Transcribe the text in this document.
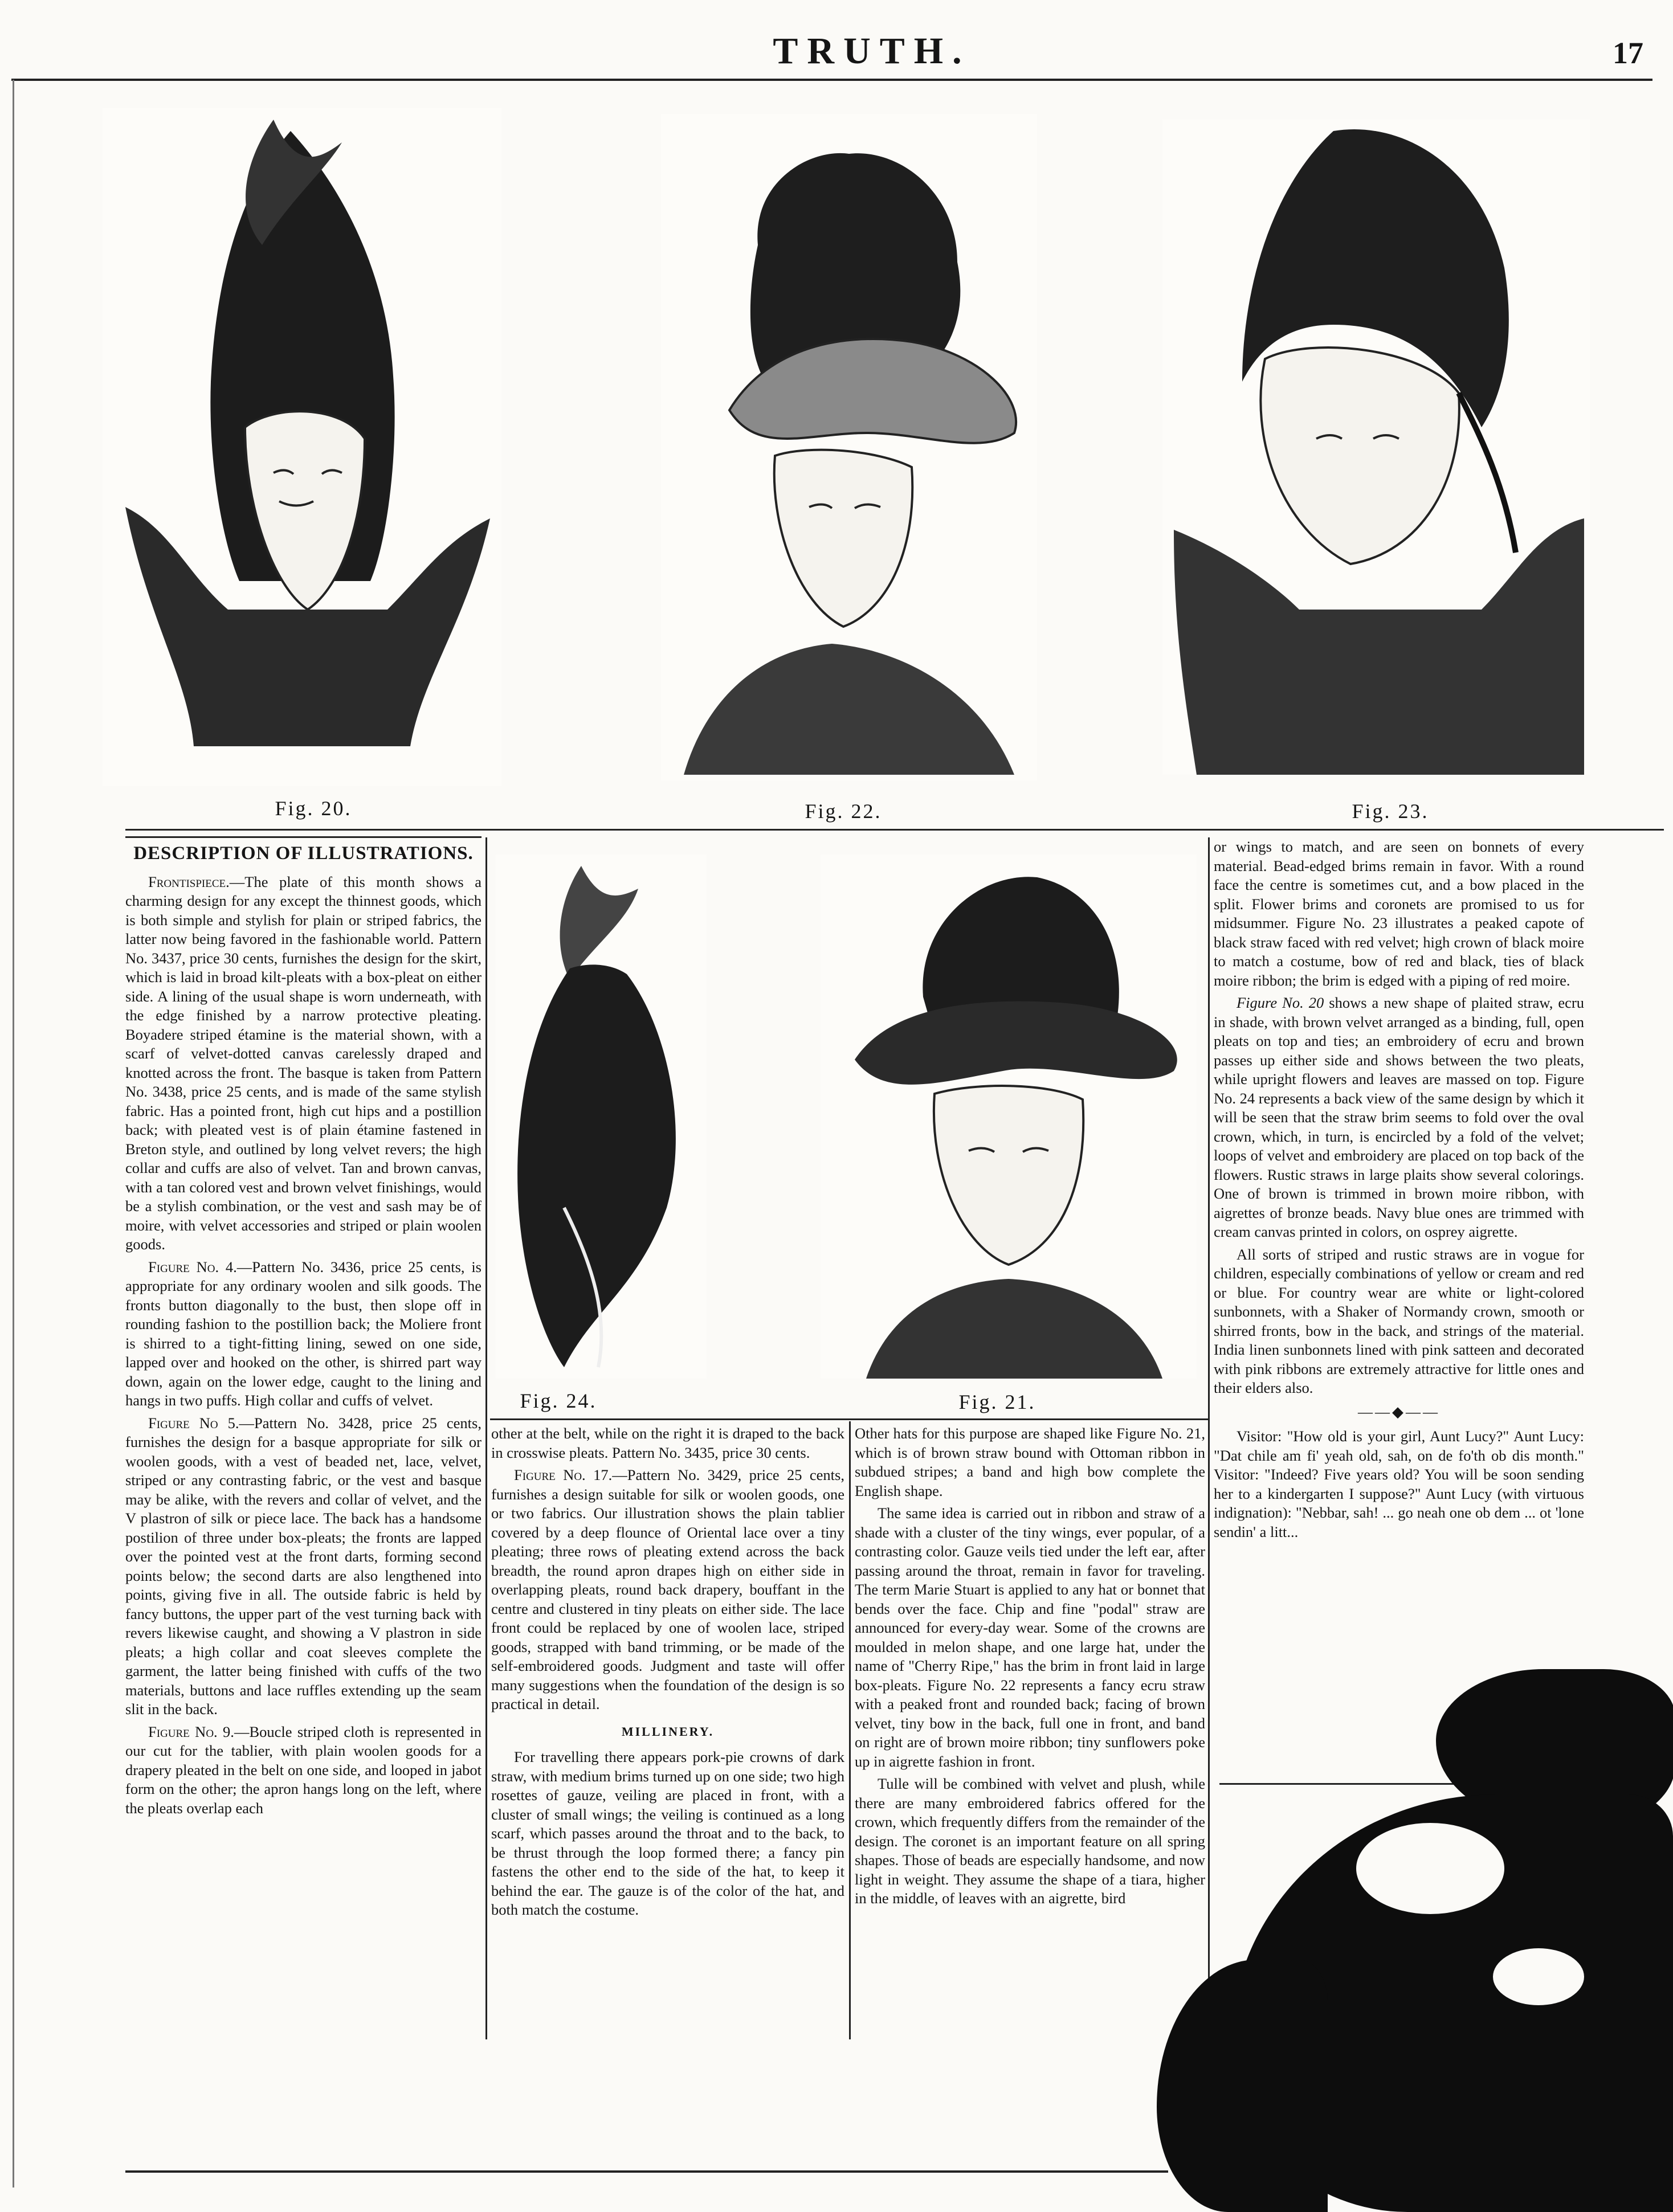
TRUTH.	17
Fig. 20.	Fig. 22.	Fig. 23.
DESCRIPTION OF ILLUSTRATIONS.

Frontispiece.—The plate of this month shows a charming design for any except the thinnest goods, which is both simple and stylish for plain or striped fabrics, the latter now being favored in the fashionable world. Pattern No. 3437, price 30 cents, furnishes the design for the skirt, which is laid in broad kilt-pleats with a box-pleat on either side. A lining of the usual shape is worn underneath, with the edge finished by a narrow protective pleating. Boyadere striped étamine is the material shown, with a scarf of velvet-dotted canvas carelessly draped and knotted across the front. The basque is taken from Pattern No. 3438, price 25 cents, and is made of the same stylish fabric. Has a pointed front, high cut hips and a postillion back; with pleated vest is of plain étamine fastened in Breton style, and outlined by long velvet revers; the high collar and cuffs are also of velvet. Tan and brown canvas, with a tan colored vest and brown velvet finishings, would be a stylish combination, or the vest and sash may be of moire, with velvet accessories and striped or plain woolen goods.

Figure No. 4.—Pattern No. 3436, price 25 cents, is appropriate for any ordinary woolen and silk goods. The fronts button diagonally to the bust, then slope off in rounding fashion to the postillion back; the Moliere front is shirred to a tight-fitting lining, sewed on one side, lapped over and hooked on the other, is shirred part way down, again on the lower edge, caught to the lining and hangs in two puffs. High collar and cuffs of velvet.

Figure No 5.—Pattern No. 3428, price 25 cents, furnishes the design for a basque appropriate for silk or woolen goods, with a vest of beaded net, lace, velvet, striped or any contrasting fabric, or the vest and basque may be alike, with the revers and collar of velvet, and the V plastron of silk or piece lace. The back has a handsome postilion of three under box-pleats; the fronts are lapped over the pointed vest at the front darts, forming second points below; the second darts are also lengthened into points, giving five in all. The outside fabric is held by fancy buttons, the upper part of the vest turning back with revers likewise caught, and showing a V plastron in side pleats; a high collar and coat sleeves complete the garment, the latter being finished with cuffs of the two materials, buttons and lace ruffles extending up the seam slit in the back.

Figure No. 9.—Boucle striped cloth is represented in our cut for the tablier, with plain woolen goods for a drapery pleated in the belt on one side, and looped in jabot form on the other; the apron hangs long on the left, where the pleats overlap each

Fig. 24.	Fig. 21.

other at the belt, while on the right it is draped to the back in crosswise pleats. Pattern No. 3435, price 30 cents.

Figure No. 17.—Pattern No. 3429, price 25 cents, furnishes a design suitable for silk or woolen goods, one or two fabrics. Our illustration shows the plain tablier covered by a deep flounce of Oriental lace over a tiny pleating; three rows of pleating extend across the back breadth, the round apron drapes high on either side in overlapping pleats, round back drapery, bouffant in the centre and clustered in tiny pleats on either side. The lace front could be replaced by one of woolen lace, striped goods, strapped with band trimming, or be made of the self-embroidered goods. Judgment and taste will offer many suggestions when the foundation of the design is so practical in detail.

MILLINERY.

For travelling there appears pork-pie crowns of dark straw, with medium brims turned up on one side; two high rosettes of gauze, veiling are placed in front, with a cluster of small wings; the veiling is continued as a long scarf, which passes around the throat and to the back, to be thrust through the loop formed there; a fancy pin fastens the other end to the side of the hat, to keep it behind the ear. The gauze is of the color of the hat, and both match the costume.

Other hats for this purpose are shaped like Figure No. 21, which is of brown straw bound with Ottoman ribbon in subdued stripes; a band and high bow complete the English shape.

The same idea is carried out in ribbon and straw of a shade with a cluster of the tiny wings, ever popular, of a contrasting color. Gauze veils tied under the left ear, after passing around the throat, remain in favor for traveling. The term Marie Stuart is applied to any hat or bonnet that bends over the face. Chip and fine "podal" straw are announced for every-day wear. Some of the crowns are moulded in melon shape, and one large hat, under the name of "Cherry Ripe," has the brim in front laid in large box-pleats. Figure No. 22 represents a fancy ecru straw with a peaked front and rounded back; facing of brown velvet, tiny bow in the back, full one in front, and band on right are of brown moire ribbon; tiny sunflowers poke up in aigrette fashion in front.

Tulle will be combined with velvet and plush, while there are many embroidered fabrics offered for the crown, which frequently differs from the remainder of the design. The coronet is an important feature on all spring shapes. Those of beads are especially handsome, and now light in weight. They assume the shape of a tiara, higher in the middle, of leaves with an aigrette, bird

or wings to match, and are seen on bonnets of every material. Bead-edged brims remain in favor. With a round face the centre is sometimes cut, and a bow placed in the split. Flower brims and coronets are promised to us for midsummer. Figure No. 23 illustrates a peaked capote of black straw faced with red velvet; high crown of black moire to match a costume, bow of red and black, ties of black moire ribbon; the brim is edged with a piping of red moire.

Figure No. 20 shows a new shape of plaited straw, ecru in shade, with brown velvet arranged as a binding, full, open pleats on top and ties; an embroidery of ecru and brown passes up either side and shows between the two pleats, while upright flowers and leaves are massed on top. Figure No. 24 represents a back view of the same design by which it will be seen that the straw brim seems to fold over the oval crown, which, in turn, is encircled by a fold of the velvet; loops of velvet and embroidery are placed on top back of the flowers. Rustic straws in large plaits show several colorings. One of brown is trimmed in brown moire ribbon, with aigrettes of bronze beads. Navy blue ones are trimmed with cream canvas printed in colors, on osprey aigrette.

All sorts of striped and rustic straws are in vogue for children, especially combinations of yellow or cream and red or blue. For country wear are white or light-colored sunbonnets, with a Shaker of Normandy crown, smooth or shirred fronts, bow in the back, and strings of the material. India linen sunbonnets lined with pink satteen and decorated with pink ribbons are extremely attractive for little ones and their elders also.

——◆——

Visitor: "How old is your girl, Aunt Lucy?" Aunt Lucy: "Dat chile am fi' yeah old, sah, on de fo'th ob dis month." Visitor: "Indeed? Five years old? You will be soon sending her to a kindergarten I suppose?" Aunt Lucy (with virtuous indignation): "Nebbar, sah! ... go neah one ob dem ... ot 'lone sendin' a litt...
